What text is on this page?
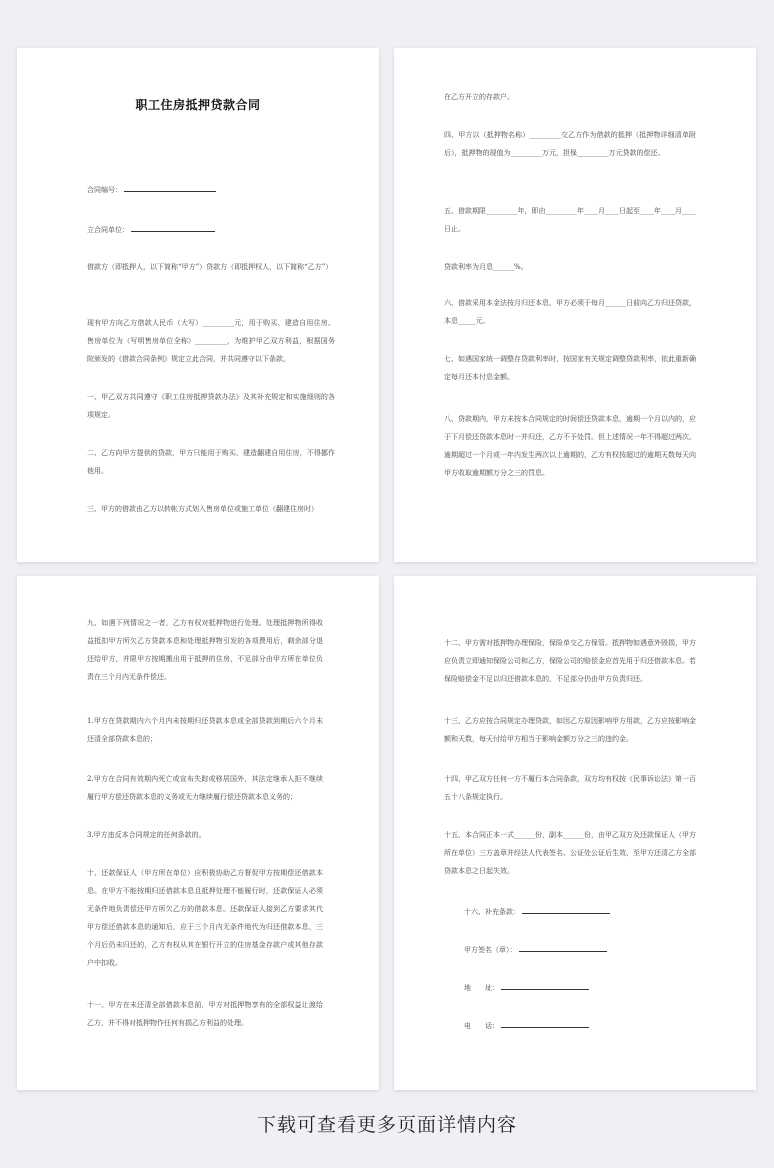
职工住房抵押贷款合同
合同编号：
立合同单位：
借款方（即抵押人，以下简称“甲方”）贷款方（即抵押权人，以下简称“乙方”）
现有甲方向乙方借款人民币（大写）_________元，用于购买、建造自用住房。售房单位为（写明售房单位全称）_________，为维护甲乙双方利益，根据国务院颁发的《借款合同条例》规定立此合同，并共同遵守以下条款。
一、甲乙双方共同遵守《职工住房抵押贷款办法》及其补充规定和实施细则的各项规定。
二、乙方向甲方提供的贷款，甲方只能用于购买、建造翻建自用住房，不得挪作他用。
三、甲方的借款由乙方以转帐方式划入售房单位或施工单位（翻建住房时）
在乙方开立的存款户。
四、甲方以（抵押物名称）_________交乙方作为借款的抵押（抵押物详细清单附后），抵押物的现值为_________万元，担保_________万元贷款的偿还。
五、借款期限_________年，即由_________年____月____日起至____年____月____日止。
贷款利率为月息______%。
六、借款采用本金法按月归还本息，甲方必须于每月______日前向乙方归还贷款，本息_____元。
七、如遇国家统一调整存贷款利率时，按国家有关规定调整贷款利率，依此重新确定每月还本付息金额。
八、贷款期内，甲方未按本合同规定的时间偿还贷款本息，逾期一个月以内的，应于下月偿还贷款本息时一并归还，乙方不予处罚。但上述情况一年不得超过两次。逾期超过一个月或一年内发生两次以上逾期的，乙方有权按超过的逾期天数每天向甲方收取逾期额万分之三的罚息。
九、如遇下列情况之一者，乙方有权对抵押物进行处理。处理抵押物所得收益抵扣甲方所欠乙方贷款本息和处理抵押物引发的各项费用后，剩余部分退还给甲方，并限甲方按期搬出用于抵押的住房，不足部分由甲方所在单位负责在三个月内无条件偿还。
1.甲方在贷款期内六个月内未按期归还贷款本息或全部贷款到期后六个月未还清全部贷款本息的；
2.甲方在合同有效期内死亡或宣布失踪或移居国外，其法定继承人拒不继续履行甲方偿还贷款本息的义务或无力继续履行偿还贷款本息义务的；
3.甲方违反本合同规定的任何条款的。
十、还款保证人（甲方所在单位）应积极协助乙方督促甲方按期偿还借款本息。在甲方不能按期归还借款本息且抵押处理不能履行时，还款保证人必须无条件地负责偿还甲方所欠乙方的借款本息。还款保证人接到乙方要求其代甲方偿还借款本息的通知后，应于三个月内无条件地代为归还借款本息，三个月后仍未归还的，乙方有权从其在银行开立的住房基金存款户或其他存款户中扣收。
十一、甲方在未还清全部借款本息前，甲方对抵押物享有的全部权益让渡给乙方，并不得对抵押物作任何有损乙方利益的处理。
十二、甲方需对抵押物办理保险，保险单交乙方保管。抵押物如遇意外毁损，甲方应负责立即通知保险公司和乙方，保险公司的赔偿金应首先用于归还借款本息。若保险赔偿金不足以归还借款本息的，不足部分仍由甲方负责归还。
十三、乙方应按合同规定办理贷款，如因乙方原因影响甲方用款，乙方应按影响金额和天数，每天付给甲方相当于影响金额万分之三的违约金。
十四、甲乙双方任何一方不履行本合同条款，双方均有权按《民事诉讼法》第一百五十八条规定执行。
十五、本合同正本一式______份，副本______份，由甲乙双方及还款保证人（甲方所在单位）三方盖章并经法人代表签名、公证处公证后生效，至甲方还清乙方全部贷款本息之日起失效。
十六、补充条款：
甲方签名（章）：
地　　址：
电　　话：
下载可查看更多页面详情内容
